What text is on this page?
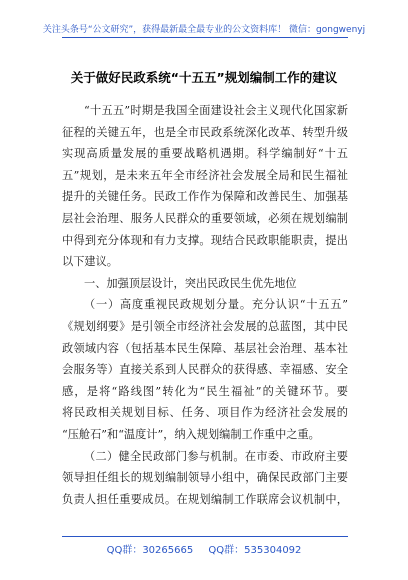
关注头条号“公文研究”，获得最新最全最专业的公文资料库！ 微信：gongwenyj
关于做好民政系统“十五五”规划编制工作的建议
“十五五”时期是我国全面建设社会主义现代化国家新
征程的关键五年，也是全市民政系统深化改革、转型升级
实现高质量发展的重要战略机遇期。科学编制好“十五
五”规划，是未来五年全市经济社会发展全局和民生福祉
提升的关键任务。民政工作作为保障和改善民生、加强基
层社会治理、服务人民群众的重要领域，必须在规划编制
中得到充分体现和有力支撑。现结合民政职能职责，提出
以下建议。
一、加强顶层设计，突出民政民生优先地位
（一）高度重视民政规划分量。充分认识“十五五”
《规划纲要》是引领全市经济社会发展的总蓝图，其中民
政领域内容（包括基本民生保障、基层社会治理、基本社
会服务等）直接关系到人民群众的获得感、幸福感、安全
感，是将“路线图”转化为“民生福祉”的关键环节。要
将民政相关规划目标、任务、项目作为经济社会发展的
“压舱石”和“温度计”，纳入规划编制工作重中之重。
（二）健全民政部门参与机制。在市委、市政府主要
领导担任组长的规划编制领导小组中，确保民政部门主要
负责人担任重要成员。在规划编制工作联席会议机制中，
QQ群：30265665 QQ群：535304092
